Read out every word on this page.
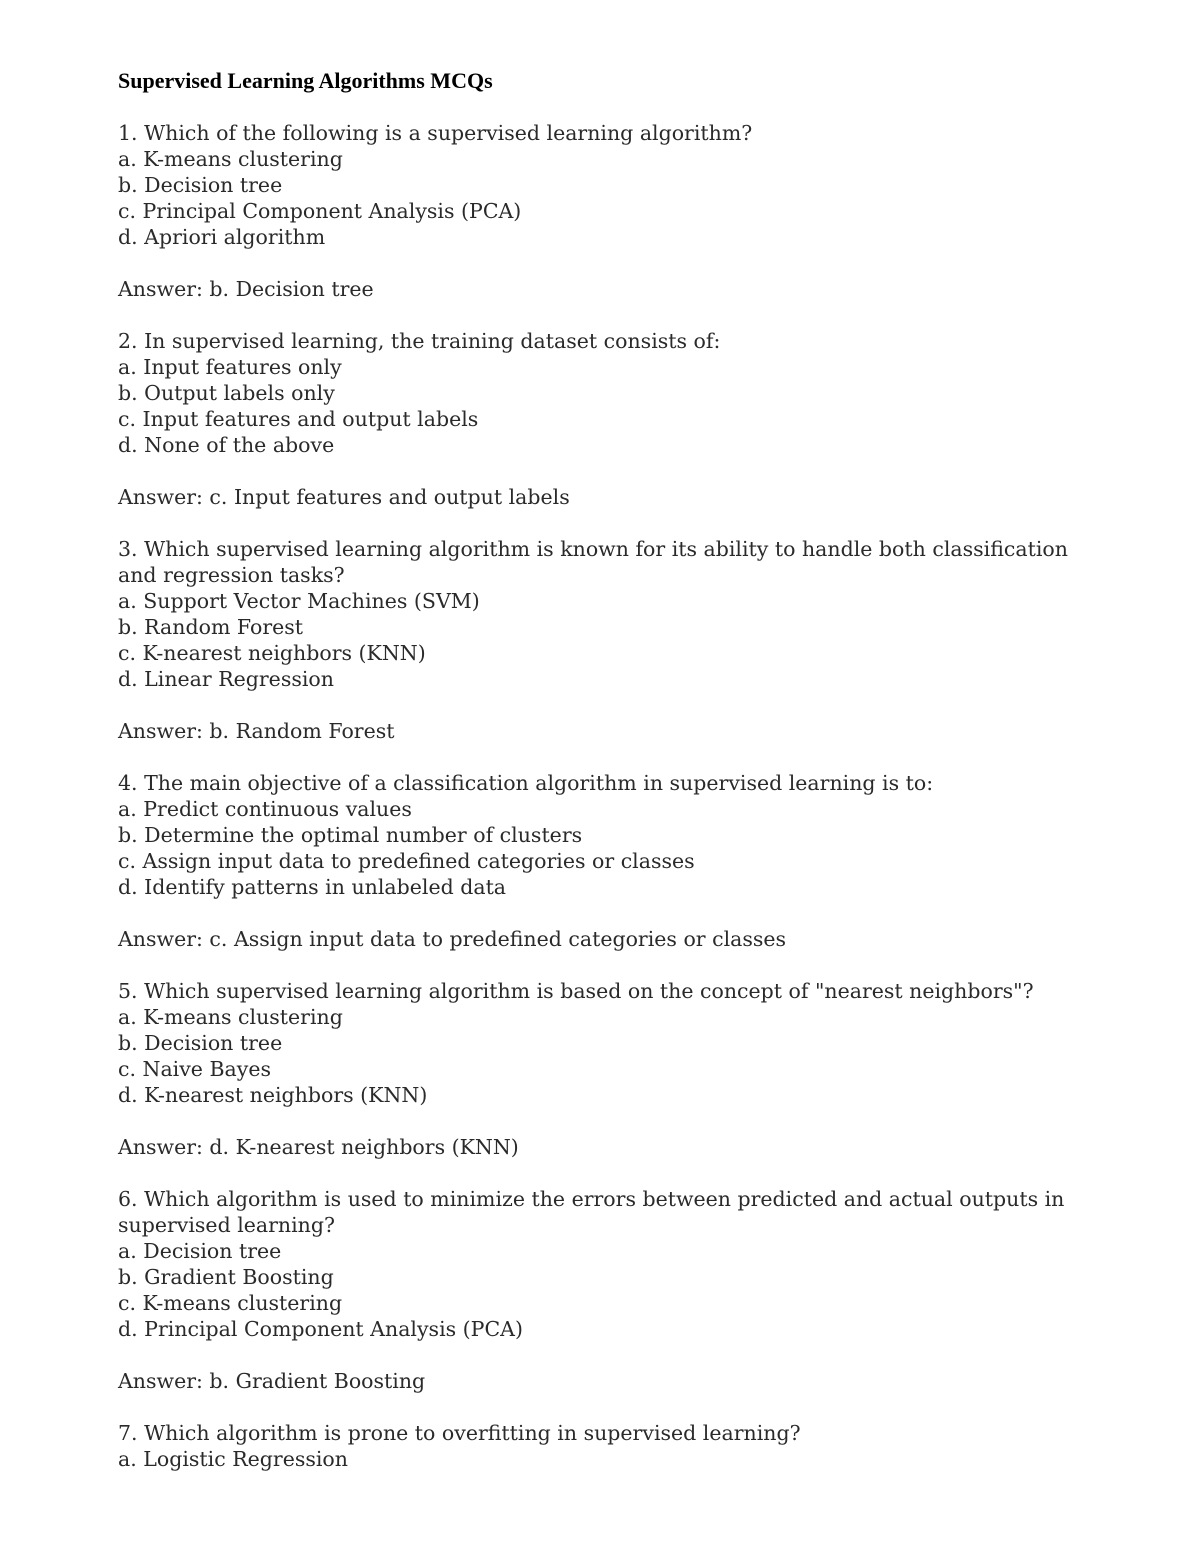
Supervised Learning Algorithms MCQs
1. Which of the following is a supervised learning algorithm?
a. K-means clustering
b. Decision tree
c. Principal Component Analysis (PCA)
d. Apriori algorithm
Answer: b. Decision tree
2. In supervised learning, the training dataset consists of:
a. Input features only
b. Output labels only
c. Input features and output labels
d. None of the above
Answer: c. Input features and output labels
3. Which supervised learning algorithm is known for its ability to handle both classification and regression tasks?
a. Support Vector Machines (SVM)
b. Random Forest
c. K-nearest neighbors (KNN)
d. Linear Regression
Answer: b. Random Forest
4. The main objective of a classification algorithm in supervised learning is to:
a. Predict continuous values
b. Determine the optimal number of clusters
c. Assign input data to predefined categories or classes
d. Identify patterns in unlabeled data
Answer: c. Assign input data to predefined categories or classes
5. Which supervised learning algorithm is based on the concept of "nearest neighbors"?
a. K-means clustering
b. Decision tree
c. Naive Bayes
d. K-nearest neighbors (KNN)
Answer: d. K-nearest neighbors (KNN)
6. Which algorithm is used to minimize the errors between predicted and actual outputs in supervised learning?
a. Decision tree
b. Gradient Boosting
c. K-means clustering
d. Principal Component Analysis (PCA)
Answer: b. Gradient Boosting
7. Which algorithm is prone to overfitting in supervised learning?
a. Logistic Regression
